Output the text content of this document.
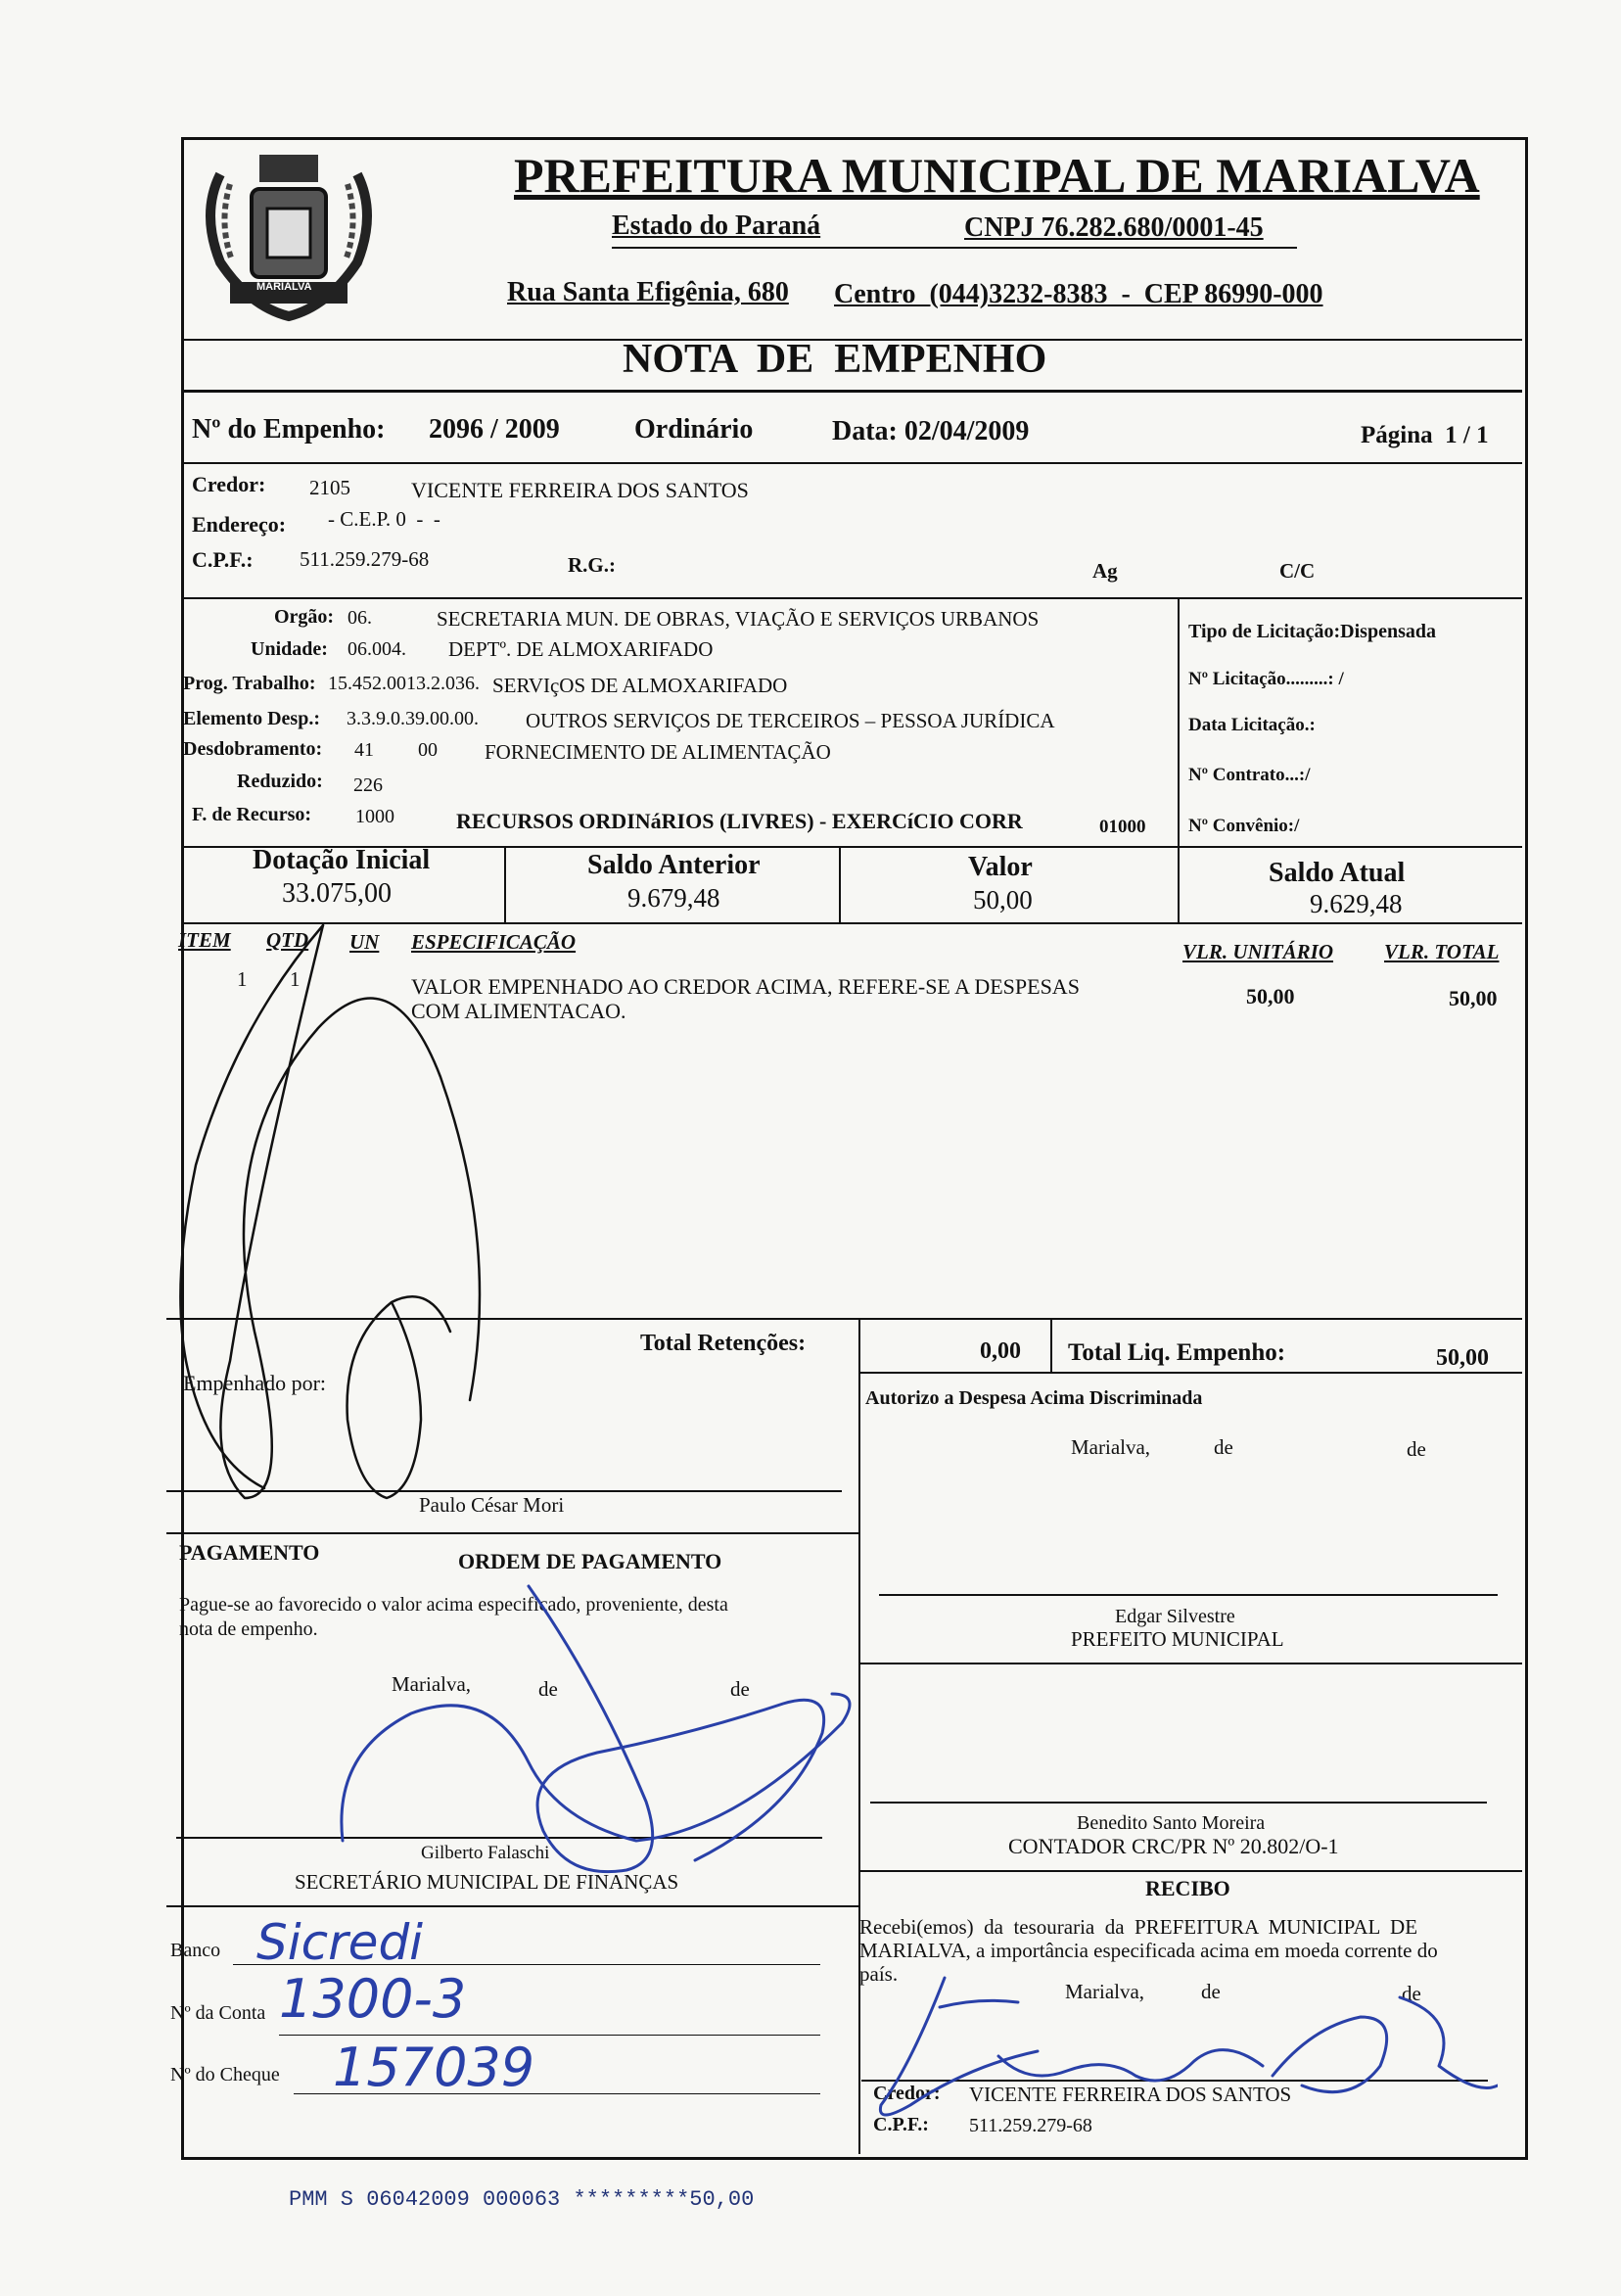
MARIALVA
PREFEITURA MUNICIPAL DE MARIALVA
Estado do Paraná	CNPJ 76.282.680/0001-45
Rua Santa Efigênia, 680 Centro  (044)3232-8383  -  CEP 86990-000
NOTA  DE  EMPENHO
Nº do Empenho: 2096 / 2009	Ordinário	Data: 02/04/2009	Página  1 / 1
Credor: 2105	VICENTE FERREIRA DOS SANTOS
Endereço: - C.E.P. 0  -  -
C.P.F.: 511.259.279-68	R.G.:	Ag	C/C
Orgão: 06.	SECRETARIA MUN. DE OBRAS, VIAÇÃO E SERVIÇOS URBANOS
Unidade: 06.004. DEPTº. DE ALMOXARIFADO
Prog. Trabalho: 15.452.0013.2.036. SERVIçOS DE ALMOXARIFADO
Elemento Desp.: 3.3.9.0.39.00.00. OUTROS SERVIÇOS DE TERCEIROS – PESSOA JURÍDICA
Desdobramento: 41 00 FORNECIMENTO DE ALIMENTAÇÃO
Reduzido: 226
F. de Recurso: 1000	RECURSOS ORDINáRIOS (LIVRES) - EXERCíCIO CORR	01000
Tipo de Licitação:Dispensada
Nº Licitação.........: /
Data Licitação.:
Nº Contrato...:/
Nº Convênio:/
Dotação Inicial
33.075,00
Saldo Anterior
9.679,48
Valor
50,00
Saldo Atual
9.629,48
ITEM QTD UN ESPECIFICAÇÃO	VLR. UNITÁRIO VLR. TOTAL
1 1	VALOR EMPENHADO AO CREDOR ACIMA, REFERE-SE A DESPESAS
COM ALIMENTACAO.
50,00	50,00
Total Retenções:	0,00 Total Liq. Empenho:	50,00
Empenhado por:
Paulo César Mori
PAGAMENTO	ORDEM DE PAGAMENTO
Pague-se ao favorecido o valor acima especificado, proveniente, desta
nota de empenho.
Marialva,	de	de
Gilberto Falaschi
SECRETÁRIO MUNICIPAL DE FINANÇAS
Banco Sicredi
Nº da Conta 1300-3
Nº do Cheque 157039
Autorizo a Despesa Acima Discriminada
Marialva,	de	de
Edgar Silvestre
PREFEITO MUNICIPAL
Benedito Santo Moreira
CONTADOR CRC/PR Nº 20.802/O-1
RECIBO
Recebi(emos)  da  tesouraria  da  PREFEITURA  MUNICIPAL  DE
MARIALVA, a importância especificada acima em moeda corrente do
país.
Marialva,	de	de
Credor: VICENTE FERREIRA DOS SANTOS
C.P.F.: 511.259.279-68
PMM S 06042009 000063 *********50,00
